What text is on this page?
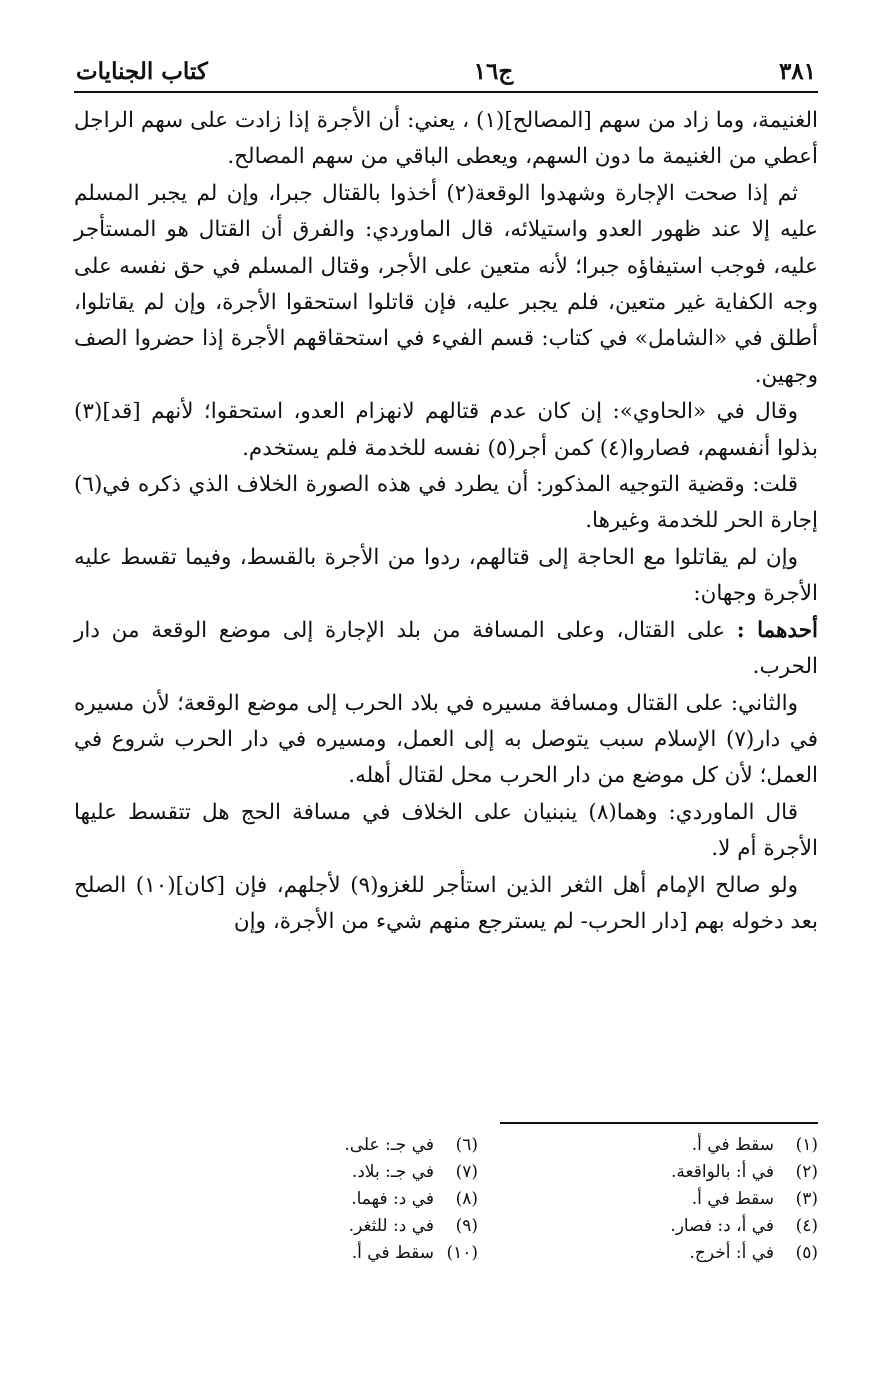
٣٨١
ج١٦
كتاب الجنايات

الغنيمة، وما زاد من سهم [المصالح](١) ، يعني: أن الأجرة إذا زادت على سهم الراجل أعطي من الغنيمة ما دون السهم، ويعطى الباقي من سهم المصالح.

ثم إذا صحت الإجارة وشهدوا الوقعة(٢) أخذوا بالقتال جبرا، وإن لم يجبر المسلم عليه إلا عند ظهور العدو واستيلائه، قال الماوردي: والفرق أن القتال هو المستأجر عليه، فوجب استيفاؤه جبرا؛ لأنه متعين على الأجر، وقتال المسلم في حق نفسه على وجه الكفاية غير متعين، فلم يجبر عليه، فإن قاتلوا استحقوا الأجرة، وإن لم يقاتلوا، أطلق في «الشامل» في كتاب: قسم الفيء في استحقاقهم الأجرة إذا حضروا الصف وجهين.

وقال في «الحاوي»: إن كان عدم قتالهم لانهزام العدو، استحقوا؛ لأنهم [قد](٣) بذلوا أنفسهم، فصاروا(٤) كمن أجر(٥) نفسه للخدمة فلم يستخدم.

قلت: وقضية التوجيه المذكور: أن يطرد في هذه الصورة الخلاف الذي ذكره في(٦) إجارة الحر للخدمة وغيرها.

وإن لم يقاتلوا مع الحاجة إلى قتالهم، ردوا من الأجرة بالقسط، وفيما تقسط عليه الأجرة وجهان:

أحدهما : على القتال، وعلى المسافة من بلد الإجارة إلى موضع الوقعة من دار الحرب.

والثاني: على القتال ومسافة مسيره في بلاد الحرب إلى موضع الوقعة؛ لأن مسيره في دار(٧) الإسلام سبب يتوصل به إلى العمل، ومسيره في دار الحرب شروع في العمل؛ لأن كل موضع من دار الحرب محل لقتال أهله.

قال الماوردي: وهما(٨) ينبنيان على الخلاف في مسافة الحج هل تتقسط عليها الأجرة أم لا.

ولو صالح الإمام أهل الثغر الذين استأجر للغزو(٩) لأجلهم، فإن [كان](١٠) الصلح بعد دخوله بهم [دار الحرب- لم يسترجع منهم شيء من الأجرة، وإن

(١)سقط في أ.
(٢)في أ: بالواقعة.
(٣)سقط في أ.
(٤)في أ، د: فصار.
(٥)في أ: أخرج.
(٦)في جـ: على.
(٧)في جـ: بلاد.
(٨)في د: فهما.
(٩)في د: للثغر.
(١٠)سقط في أ.
